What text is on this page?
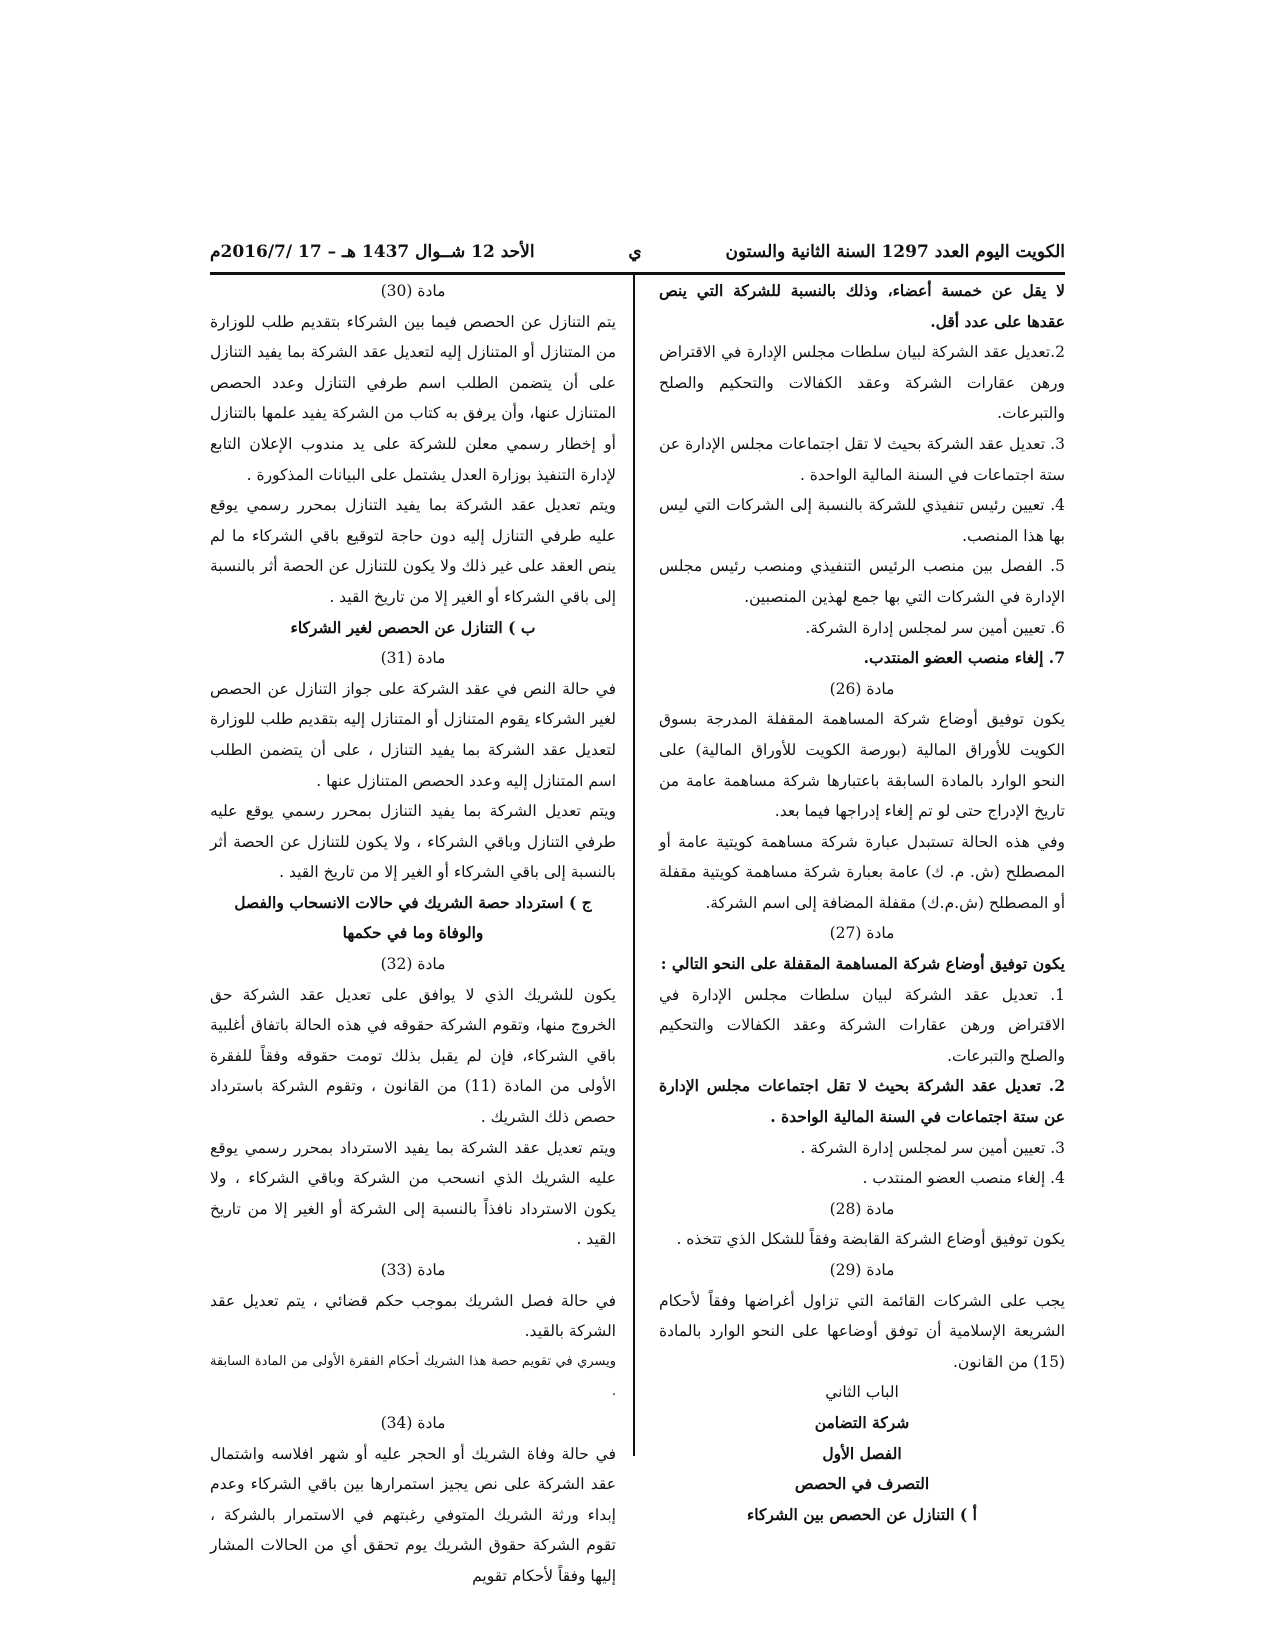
الكويت اليوم العدد 1297 السنة الثانية والستون
ي
الأحد 12 شــوال 1437 هـ – 17 /2016/7م

لا يقل عن خمسة أعضاء، وذلك بالنسبة للشركة التي ينص عقدها على عدد أقل.

2.تعديل عقد الشركة لبيان سلطات مجلس الإدارة في الاقتراض ورهن عقارات الشركة وعقد الكفالات والتحكيم والصلح والتبرعات.

3. تعديل عقد الشركة بحيث لا تقل اجتماعات مجلس الإدارة عن ستة اجتماعات في السنة المالية الواحدة .

4. تعيين رئيس تنفيذي للشركة بالنسبة إلى الشركات التي ليس بها هذا المنصب.

5. الفصل بين منصب الرئيس التنفيذي ومنصب رئيس مجلس الإدارة في الشركات التي بها جمع لهذين المنصبين.

6. تعيين أمين سر لمجلس إدارة الشركة.

7. إلغاء منصب العضو المنتدب.

مادة (26)

يكون توفيق أوضاع شركة المساهمة المقفلة المدرجة بسوق الكويت للأوراق المالية (بورصة الكويت للأوراق المالية) على النحو الوارد بالمادة السابقة باعتبارها شركة مساهمة عامة من تاريخ الإدراج حتى لو تم إلغاء إدراجها فيما بعد.

وفي هذه الحالة تستبدل عبارة شركة مساهمة كويتية عامة أو المصطلح (ش. م. ك) عامة بعبارة شركة مساهمة كويتية مقفلة أو المصطلح (ش.م.ك) مقفلة المضافة إلى اسم الشركة.

مادة (27)

يكون توفيق أوضاع شركة المساهمة المقفلة على النحو التالي :

1. تعديل عقد الشركة لبيان سلطات مجلس الإدارة في الاقتراض ورهن عقارات الشركة وعقد الكفالات والتحكيم والصلح والتبرعات.

2. تعديل عقد الشركة بحيث لا تقل اجتماعات مجلس الإدارة عن ستة اجتماعات في السنة المالية الواحدة .

3. تعيين أمين سر لمجلس إدارة الشركة .

4. إلغاء منصب العضو المنتدب .

مادة (28)

يكون توفيق أوضاع الشركة القابضة وفقاً للشكل الذي تتخذه .

مادة (29)

يجب على الشركات القائمة التي تزاول أغراضها وفقاً لأحكام الشريعة الإسلامية أن توفق أوضاعها على النحو الوارد بالمادة (15) من القانون.

الباب الثاني

شركة التضامن

الفصل الأول

التصرف في الحصص

أ ) التنازل عن الحصص بين الشركاء

مادة (30)

يتم التنازل عن الحصص فيما بين الشركاء بتقديم طلب للوزارة من المتنازل أو المتنازل إليه لتعديل عقد الشركة بما يفيد التنازل على أن يتضمن الطلب اسم طرفي التنازل وعدد الحصص المتنازل عنها، وأن يرفق به كتاب من الشركة يفيد علمها بالتنازل أو إخطار رسمي معلن للشركة على يد مندوب الإعلان التابع لإدارة التنفيذ بوزارة العدل يشتمل على البيانات المذكورة .

ويتم تعديل عقد الشركة بما يفيد التنازل بمحرر رسمي يوقع عليه طرفي التنازل إليه دون حاجة لتوقيع باقي الشركاء ما لم ينص العقد على غير ذلك ولا يكون للتنازل عن الحصة أثر بالنسبة إلى باقي الشركاء أو الغير إلا من تاريخ القيد .

ب ) التنازل عن الحصص لغير الشركاء

مادة (31)

في حالة النص في عقد الشركة على جواز التنازل عن الحصص لغير الشركاء يقوم المتنازل أو المتنازل إليه بتقديم طلب للوزارة لتعديل عقد الشركة بما يفيد التنازل ، على أن يتضمن الطلب اسم المتنازل إليه وعدد الحصص المتنازل عنها .

ويتم تعديل الشركة بما يفيد التنازل بمحرر رسمي يوقع عليه طرفي التنازل وباقي الشركاء ، ولا يكون للتنازل عن الحصة أثر بالنسبة إلى باقي الشركاء أو الغير إلا من تاريخ القيد .

ج ) استرداد حصة الشريك في حالات الانسحاب والفصل والوفاة وما في حكمها

مادة (32)

يكون للشريك الذي لا يوافق على تعديل عقد الشركة حق الخروج منها، وتقوم الشركة حقوقه في هذه الحالة باتفاق أغلبية باقي الشركاء، فإن لم يقبل بذلك تومت حقوقه وفقاً للفقرة الأولى من المادة (11) من القانون ، وتقوم الشركة باسترداد حصص ذلك الشريك .

ويتم تعديل عقد الشركة بما يفيد الاسترداد بمحرر رسمي يوقع عليه الشريك الذي انسحب من الشركة وباقي الشركاء ، ولا يكون الاسترداد نافذاً بالنسبة إلى الشركة أو الغير إلا من تاريخ القيد .

مادة (33)

في حالة فصل الشريك بموجب حكم قضائي ، يتم تعديل عقد الشركة بالقيد.

ويسري في تقويم حصة هذا الشريك أحكام الفقرة الأولى من المادة السابقة .

مادة (34)

في حالة وفاة الشريك أو الحجر عليه أو شهر افلاسه واشتمال عقد الشركة على نص يجيز استمرارها بين باقي الشركاء وعدم إبداء ورثة الشريك المتوفي رغبتهم في الاستمرار بالشركة ، تقوم الشركة حقوق الشريك يوم تحقق أي من الحالات المشار إليها وفقاً لأحكام تقويم
